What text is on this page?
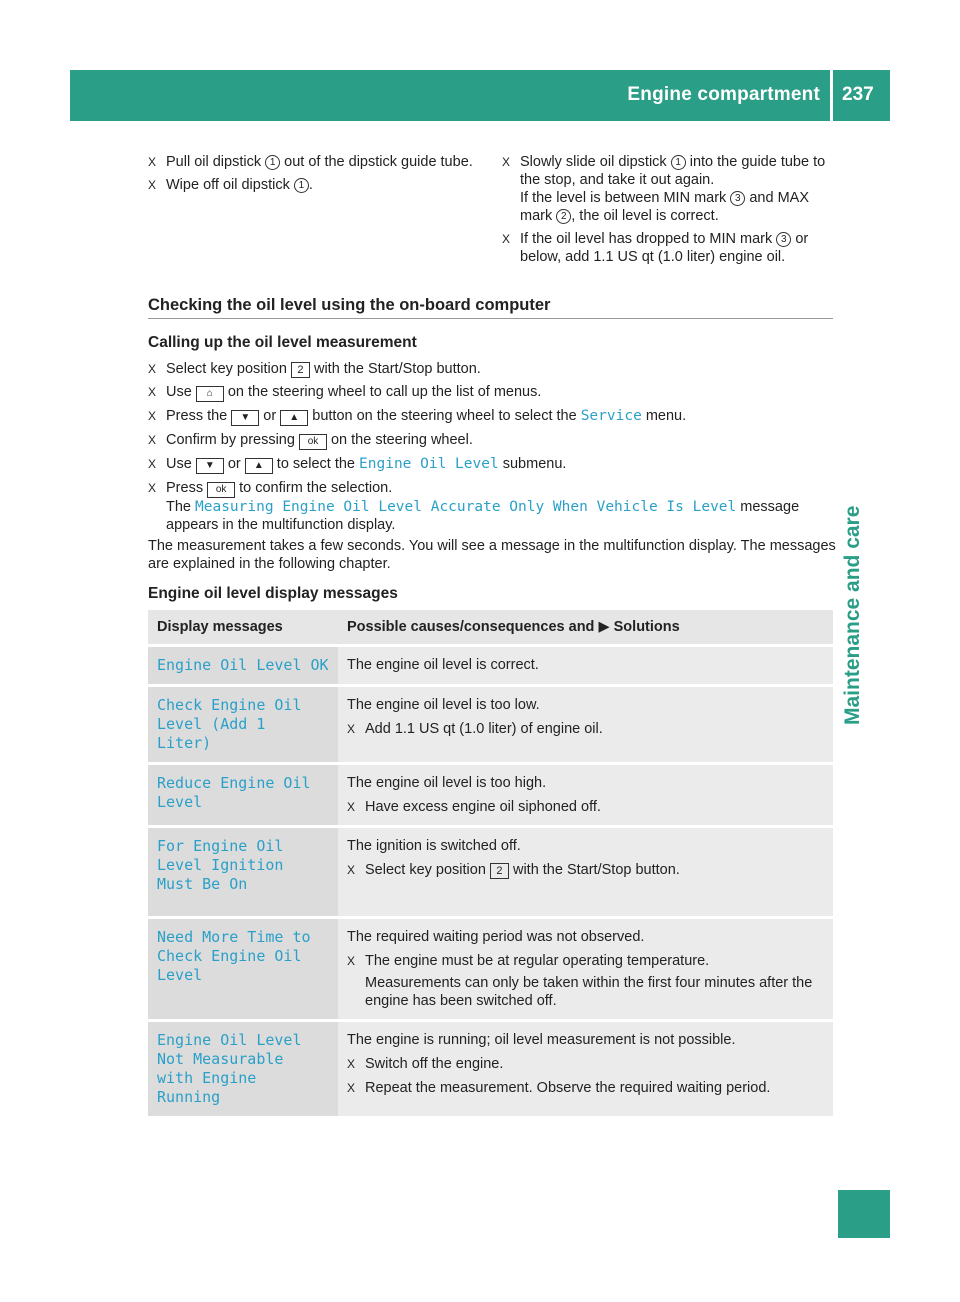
Engine compartment 237
Maintenance and care
X Pull oil dipstick 1 out of the dipstick guide tube.
X Wipe off oil dipstick 1 .
X Slowly slide oil dipstick 1 into the guide tube to the stop, and take it out again.
If the level is between MIN mark 3 and MAX mark 2 , the oil level is correct.
X If the oil level has dropped to MIN mark 3 or below, add 1.1 US qt (1.0 liter) engine oil.
Checking the oil level using the on-board computer
Calling up the oil level measurement
X Select key position 2 with the Start/Stop button.
X Use ⌂ on the steering wheel to call up the list of menus.
X Press the ▼ or ▲ button on the steering wheel to select the Service menu.
X Confirm by pressing ok on the steering wheel.
X Use ▼ or ▲ to select the Engine Oil Level submenu.
X Press ok to confirm the selection.
The Measuring Engine Oil Level Accurate Only When Vehicle Is Level message appears in the multifunction display.
The measurement takes a few seconds. You will see a message in the multifunction display. The messages are explained in the following chapter.
Engine oil level display messages
Display messages	Possible causes/consequences and ▶ Solutions

Engine Oil Level OK	The engine oil level is correct.

Check Engine Oil Level (Add 1 Liter)	The engine oil level is too low.
X Add 1.1 US qt (1.0 liter) of engine oil.

Reduce Engine Oil Level	The engine oil level is too high.
X Have excess engine oil siphoned off.

For Engine Oil Level Ignition Must Be On	The ignition is switched off.
X Select key position 2 with the Start/Stop button.

Need More Time to Check Engine Oil Level	The required waiting period was not observed.
X The engine must be at regular operating temperature.
Measurements can only be taken within the first four minutes after the engine has been switched off.

Engine Oil Level Not Measurable with Engine Running	The engine is running; oil level measurement is not possible.
X Switch off the engine.
X Repeat the measurement. Observe the required waiting period.
